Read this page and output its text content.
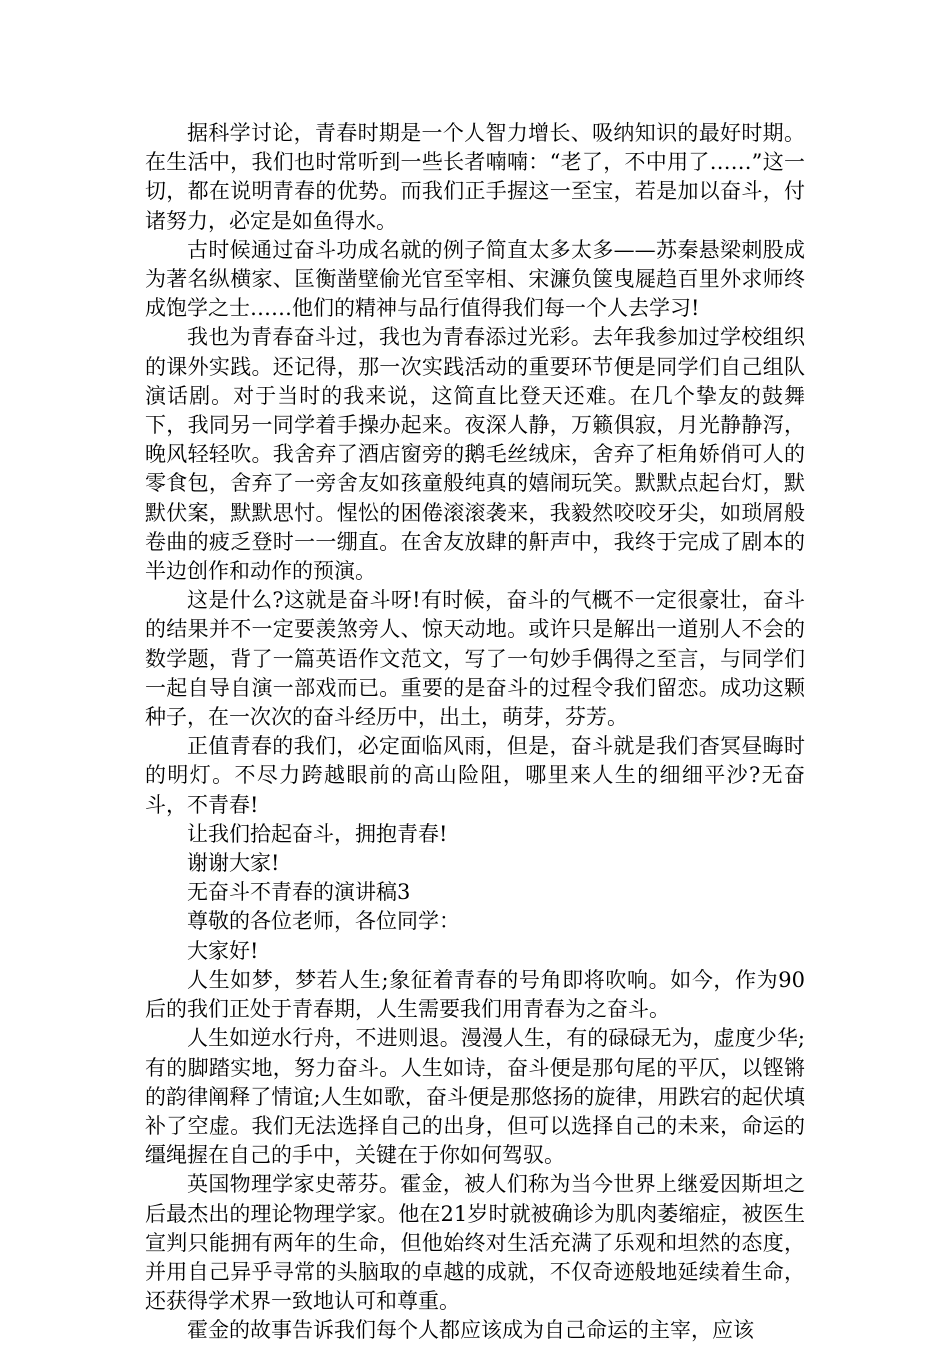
据科学讨论，青春时期是一个人智力增长、吸纳知识的最好时期。在生活中，我们也时常听到一些长者喃喃：“老了，不中用了……”这一切，都在说明青春的优势。而我们正手握这一至宝，若是加以奋斗，付诸努力，必定是如鱼得水。

古时候通过奋斗功成名就的例子简直太多太多——苏秦悬梁刺股成为著名纵横家、匡衡凿壁偷光官至宰相、宋濂负箧曳屣趋百里外求师终成饱学之士……他们的精神与品行值得我们每一个人去学习!

我也为青春奋斗过，我也为青春添过光彩。去年我参加过学校组织的课外实践。还记得，那一次实践活动的重要环节便是同学们自己组队演话剧。对于当时的我来说，这简直比登天还难。在几个挚友的鼓舞下，我同另一同学着手操办起来。夜深人静，万籁俱寂，月光静静泻，晚风轻轻吹。我舍弃了酒店窗旁的鹅毛丝绒床，舍弃了柜角娇俏可人的零食包，舍弃了一旁舍友如孩童般纯真的嬉闹玩笑。默默点起台灯，默默伏案，默默思忖。惺忪的困倦滚滚袭来，我毅然咬咬牙尖，如琐屑般卷曲的疲乏登时一一绷直。在舍友放肆的鼾声中，我终于完成了剧本的半边创作和动作的预演。

这是什么?这就是奋斗呀!有时候，奋斗的气概不一定很豪壮，奋斗的结果并不一定要羡煞旁人、惊天动地。或许只是解出一道别人不会的数学题，背了一篇英语作文范文，写了一句妙手偶得之至言，与同学们一起自导自演一部戏而已。重要的是奋斗的过程令我们留恋。成功这颗种子，在一次次的奋斗经历中，出土，萌芽，芬芳。

正值青春的我们，必定面临风雨，但是，奋斗就是我们杳冥昼晦时的明灯。不尽力跨越眼前的高山险阻，哪里来人生的细细平沙?无奋斗，不青春!

让我们拾起奋斗，拥抱青春!

谢谢大家!

无奋斗不青春的演讲稿3

尊敬的各位老师，各位同学：

大家好!

人生如梦，梦若人生;象征着青春的号角即将吹响。如今，作为90后的我们正处于青春期，人生需要我们用青春为之奋斗。

人生如逆水行舟，不进则退。漫漫人生，有的碌碌无为，虚度少华;有的脚踏实地，努力奋斗。人生如诗，奋斗便是那句尾的平仄，以铿锵的韵律阐释了情谊;人生如歌，奋斗便是那悠扬的旋律，用跌宕的起伏填补了空虚。我们无法选择自己的出身，但可以选择自己的未来，命运的缰绳握在自己的手中，关键在于你如何驾驭。

英国物理学家史蒂芬。霍金，被人们称为当今世界上继爱因斯坦之后最杰出的理论物理学家。他在21岁时就被确诊为肌肉萎缩症，被医生宣判只能拥有两年的生命，但他始终对生活充满了乐观和坦然的态度，并用自己异乎寻常的头脑取的卓越的成就，不仅奇迹般地延续着生命，还获得学术界一致地认可和尊重。

霍金的故事告诉我们每个人都应该成为自己命运的主宰，应该
